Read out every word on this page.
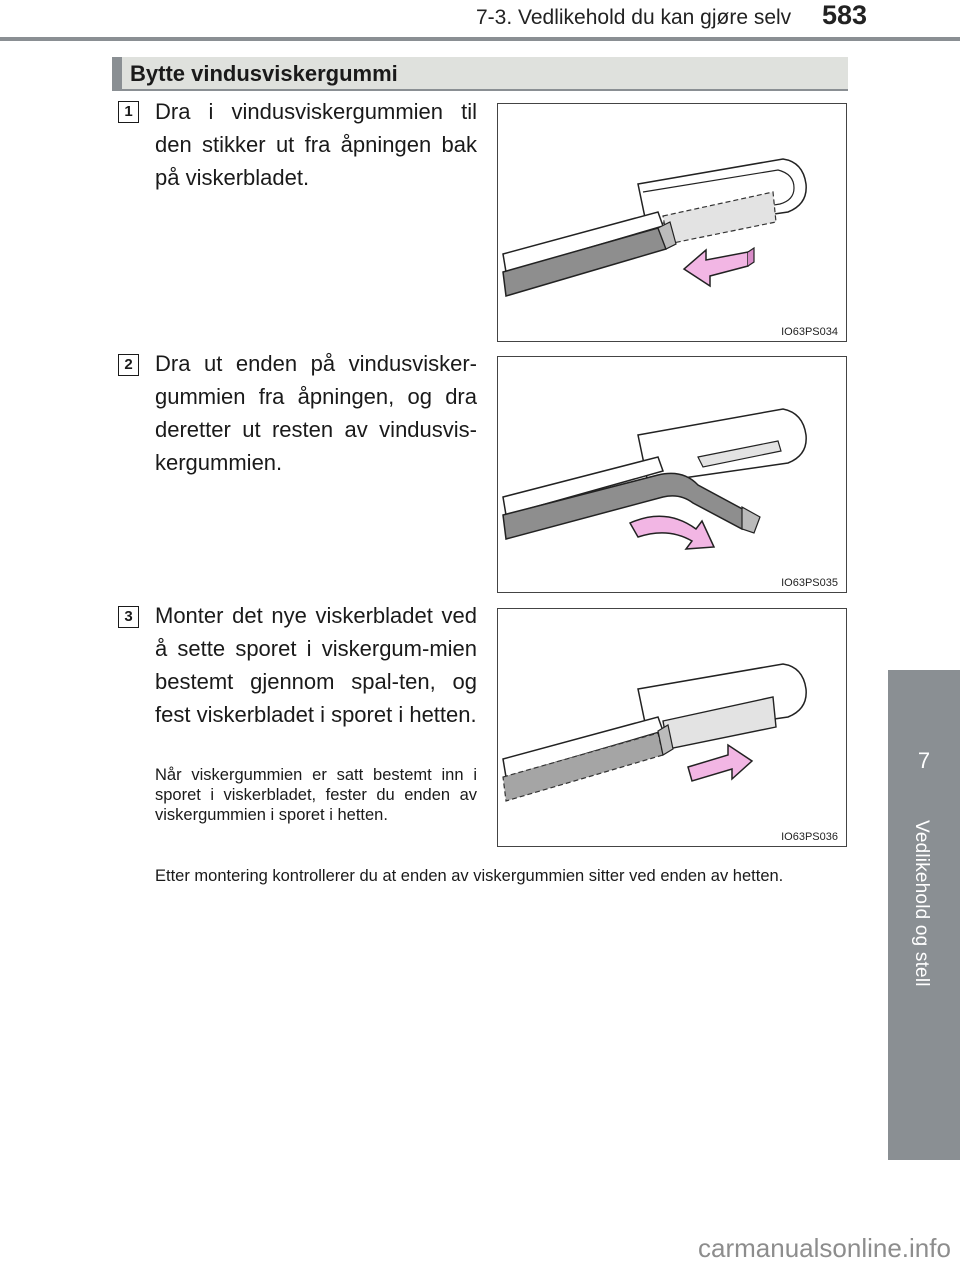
7-3. Vedlikehold du kan gjøre selv 583
7
Vedlikehold og stell
Bytte vindusviskergummi
1 Dra i vindusviskergummien til den stikker ut fra åpningen bak på viskerbladet.
IO63PS034
2 Dra ut enden på vindusvisker-gummien fra åpningen, og dra deretter ut resten av vindusvis-kergummien.
IO63PS035
3 Monter det nye viskerbladet ved å sette sporet i viskergum-mien bestemt gjennom spal-ten, og fest viskerbladet i sporet i hetten.
Når viskergummien er satt bestemt inn i sporet i viskerbladet, fester du enden av viskergummien i sporet i hetten.
IO63PS036
Etter montering kontrollerer du at enden av viskergummien sitter ved enden av hetten.
carmanualsonline.info
